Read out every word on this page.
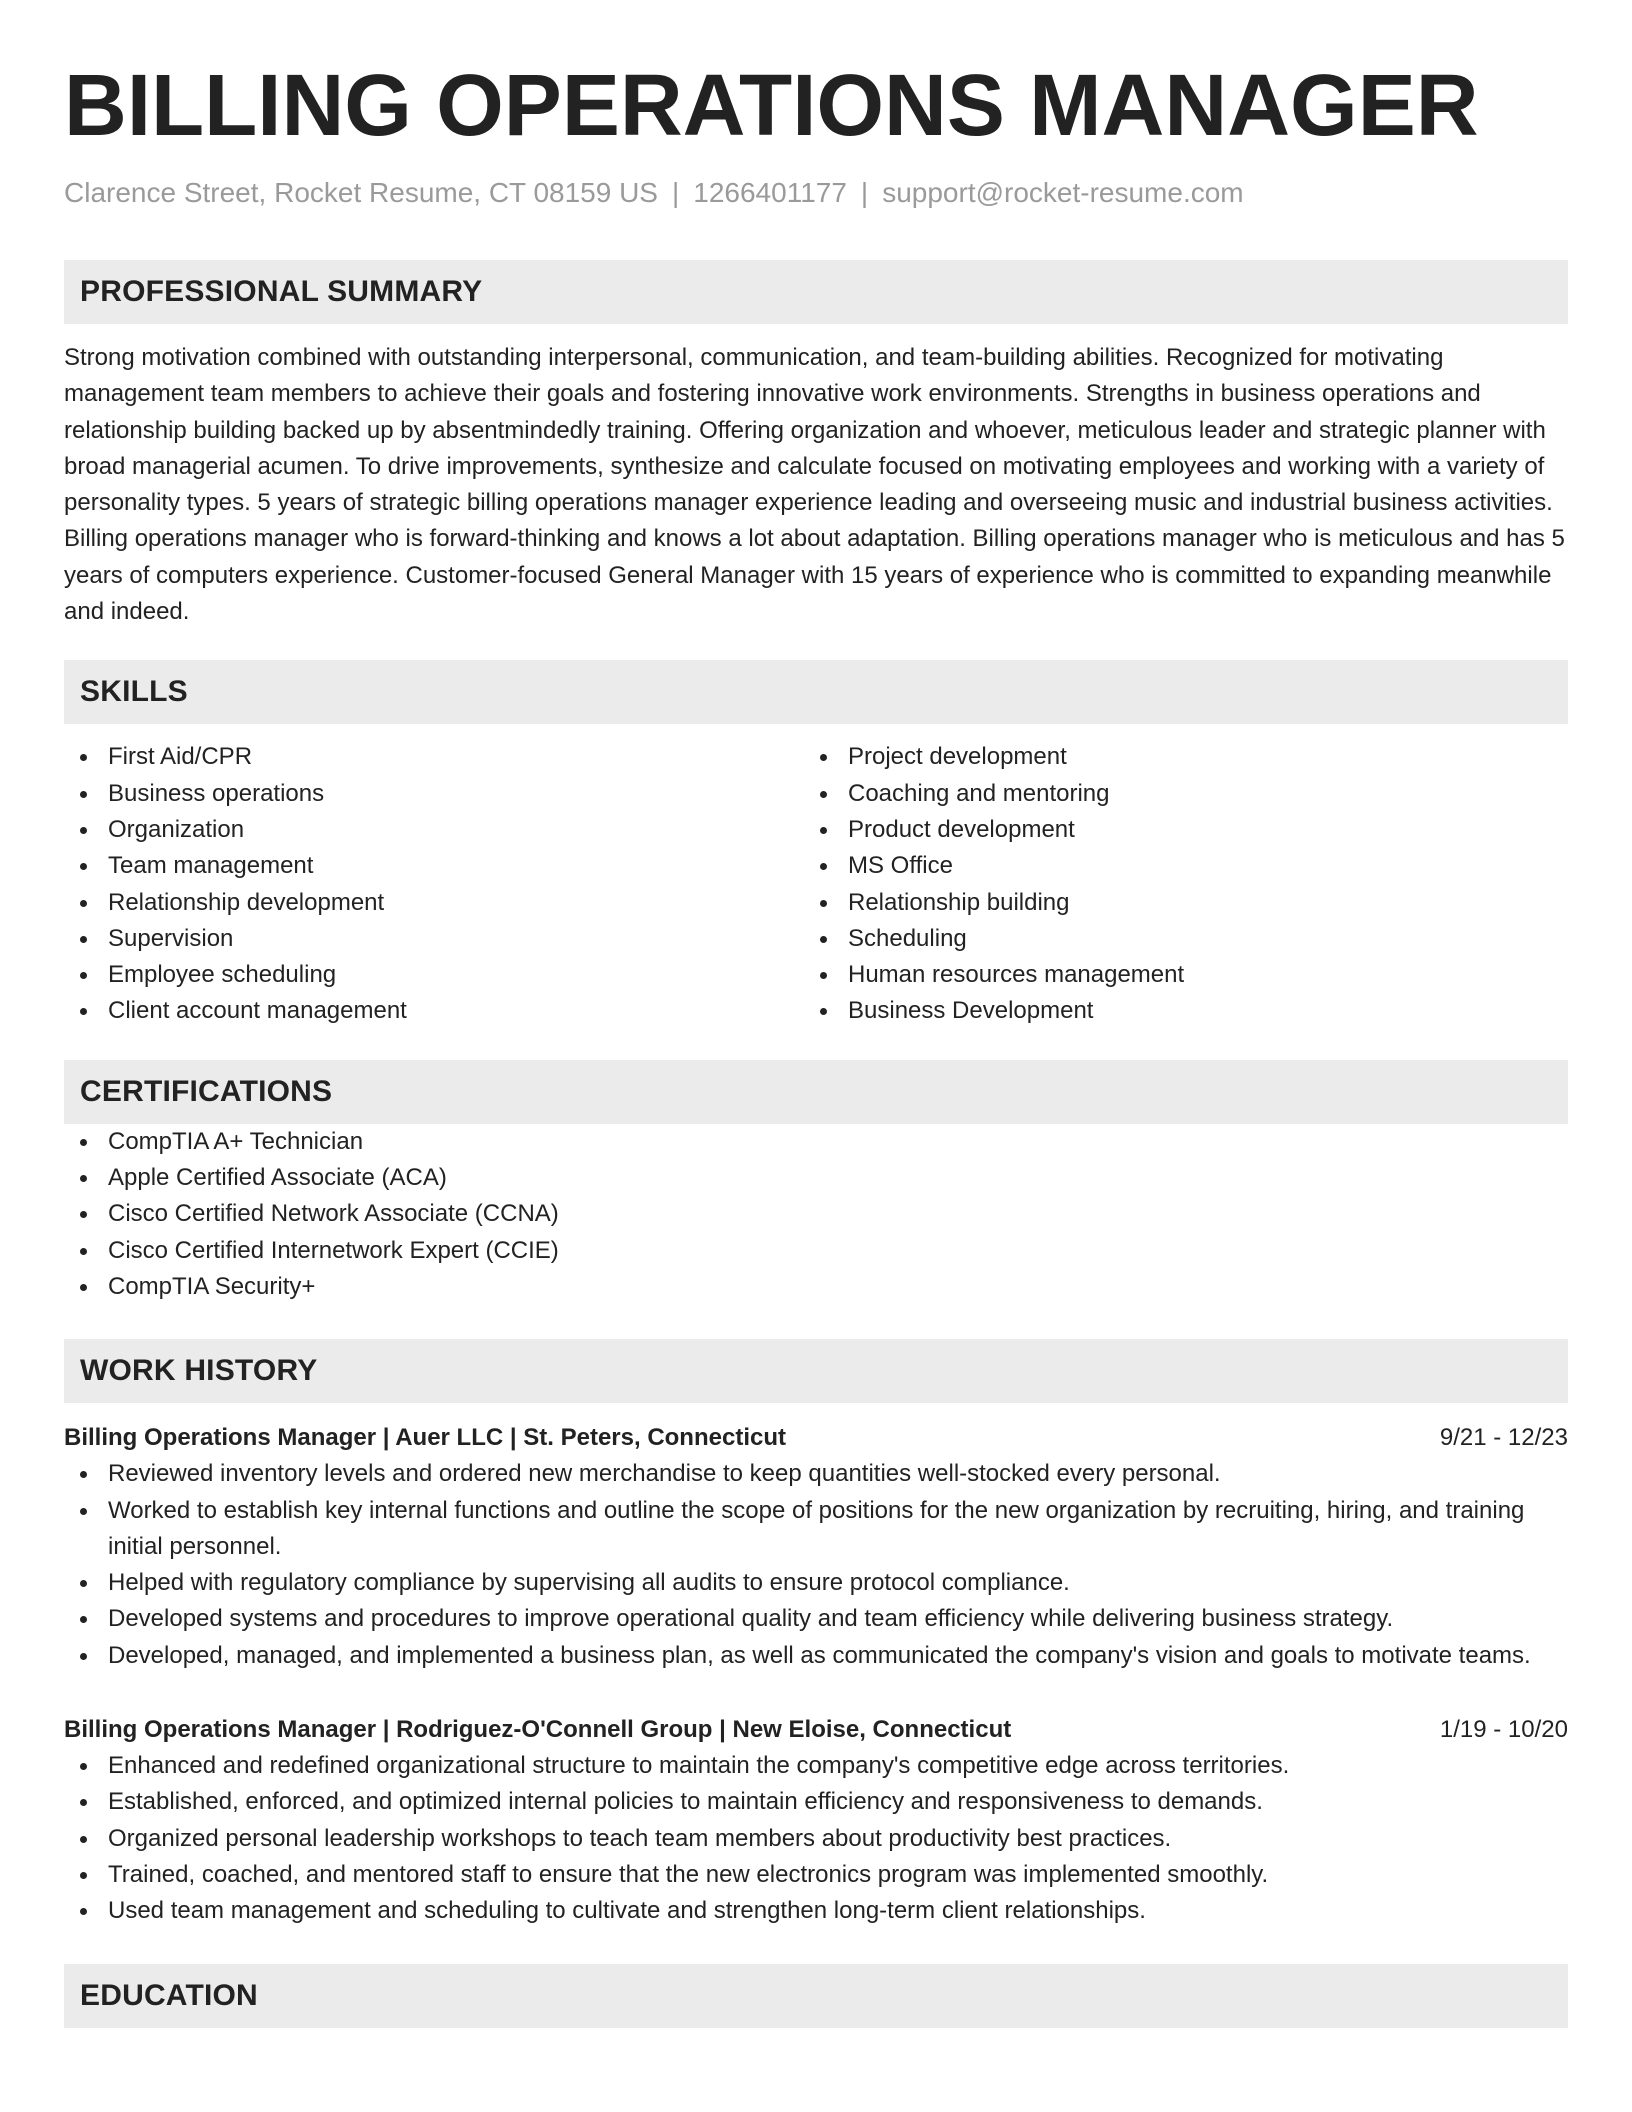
BILLING OPERATIONS MANAGER
Clarence Street, Rocket Resume, CT 08159 US | 1266401177 | support@rocket-resume.com
PROFESSIONAL SUMMARY

Strong motivation combined with outstanding interpersonal, communication, and team-building abilities. Recognized for motivating management team members to achieve their goals and fostering innovative work environments. Strengths in business operations and relationship building backed up by absentmindedly training. Offering organization and whoever, meticulous leader and strategic planner with broad managerial acumen. To drive improvements, synthesize and calculate focused on motivating employees and working with a variety of personality types. 5 years of strategic billing operations manager experience leading and overseeing music and industrial business activities. Billing operations manager who is forward-thinking and knows a lot about adaptation. Billing operations manager who is meticulous and has 5 years of computers experience. Customer-focused General Manager with 15 years of experience who is committed to expanding meanwhile and indeed.

SKILLS
First Aid/CPR
Business operations
Organization
Team management
Relationship development
Supervision
Employee scheduling
Client account management
Project development
Coaching and mentoring
Product development
MS Office
Relationship building
Scheduling
Human resources management
Business Development
CERTIFICATIONS
CompTIA A+ Technician
Apple Certified Associate (ACA)
Cisco Certified Network Associate (CCNA)
Cisco Certified Internetwork Expert (CCIE)
CompTIA Security+
WORK HISTORY
Billing Operations Manager | Auer LLC | St. Peters, Connecticut	9/21 - 12/23
Reviewed inventory levels and ordered new merchandise to keep quantities well-stocked every personal.
Worked to establish key internal functions and outline the scope of positions for the new organization by recruiting, hiring, and training initial personnel.
Helped with regulatory compliance by supervising all audits to ensure protocol compliance.
Developed systems and procedures to improve operational quality and team efficiency while delivering business strategy.
Developed, managed, and implemented a business plan, as well as communicated the company's vision and goals to motivate teams.
Billing Operations Manager | Rodriguez-O'Connell Group | New Eloise, Connecticut	1/19 - 10/20
Enhanced and redefined organizational structure to maintain the company's competitive edge across territories.
Established, enforced, and optimized internal policies to maintain efficiency and responsiveness to demands.
Organized personal leadership workshops to teach team members about productivity best practices.
Trained, coached, and mentored staff to ensure that the new electronics program was implemented smoothly.
Used team management and scheduling to cultivate and strengthen long-term client relationships.
EDUCATION
